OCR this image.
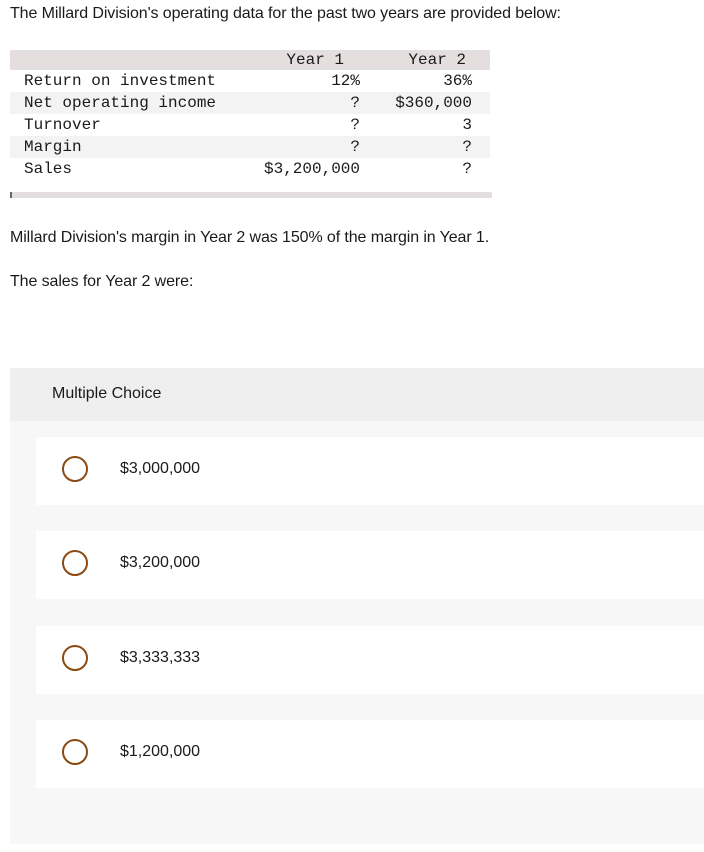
The Millard Division's operating data for the past two years are provided below:
Year 1	Year 2
Return on investment	12%	36%
Net operating income	? $360,000
Turnover	?	3
Margin	?	?
Sales	$3,200,000	?
Millard Division's margin in Year 2 was 150% of the margin in Year 1.
The sales for Year 2 were:
Multiple Choice
$3,000,000
$3,200,000
$3,333,333
$1,200,000
